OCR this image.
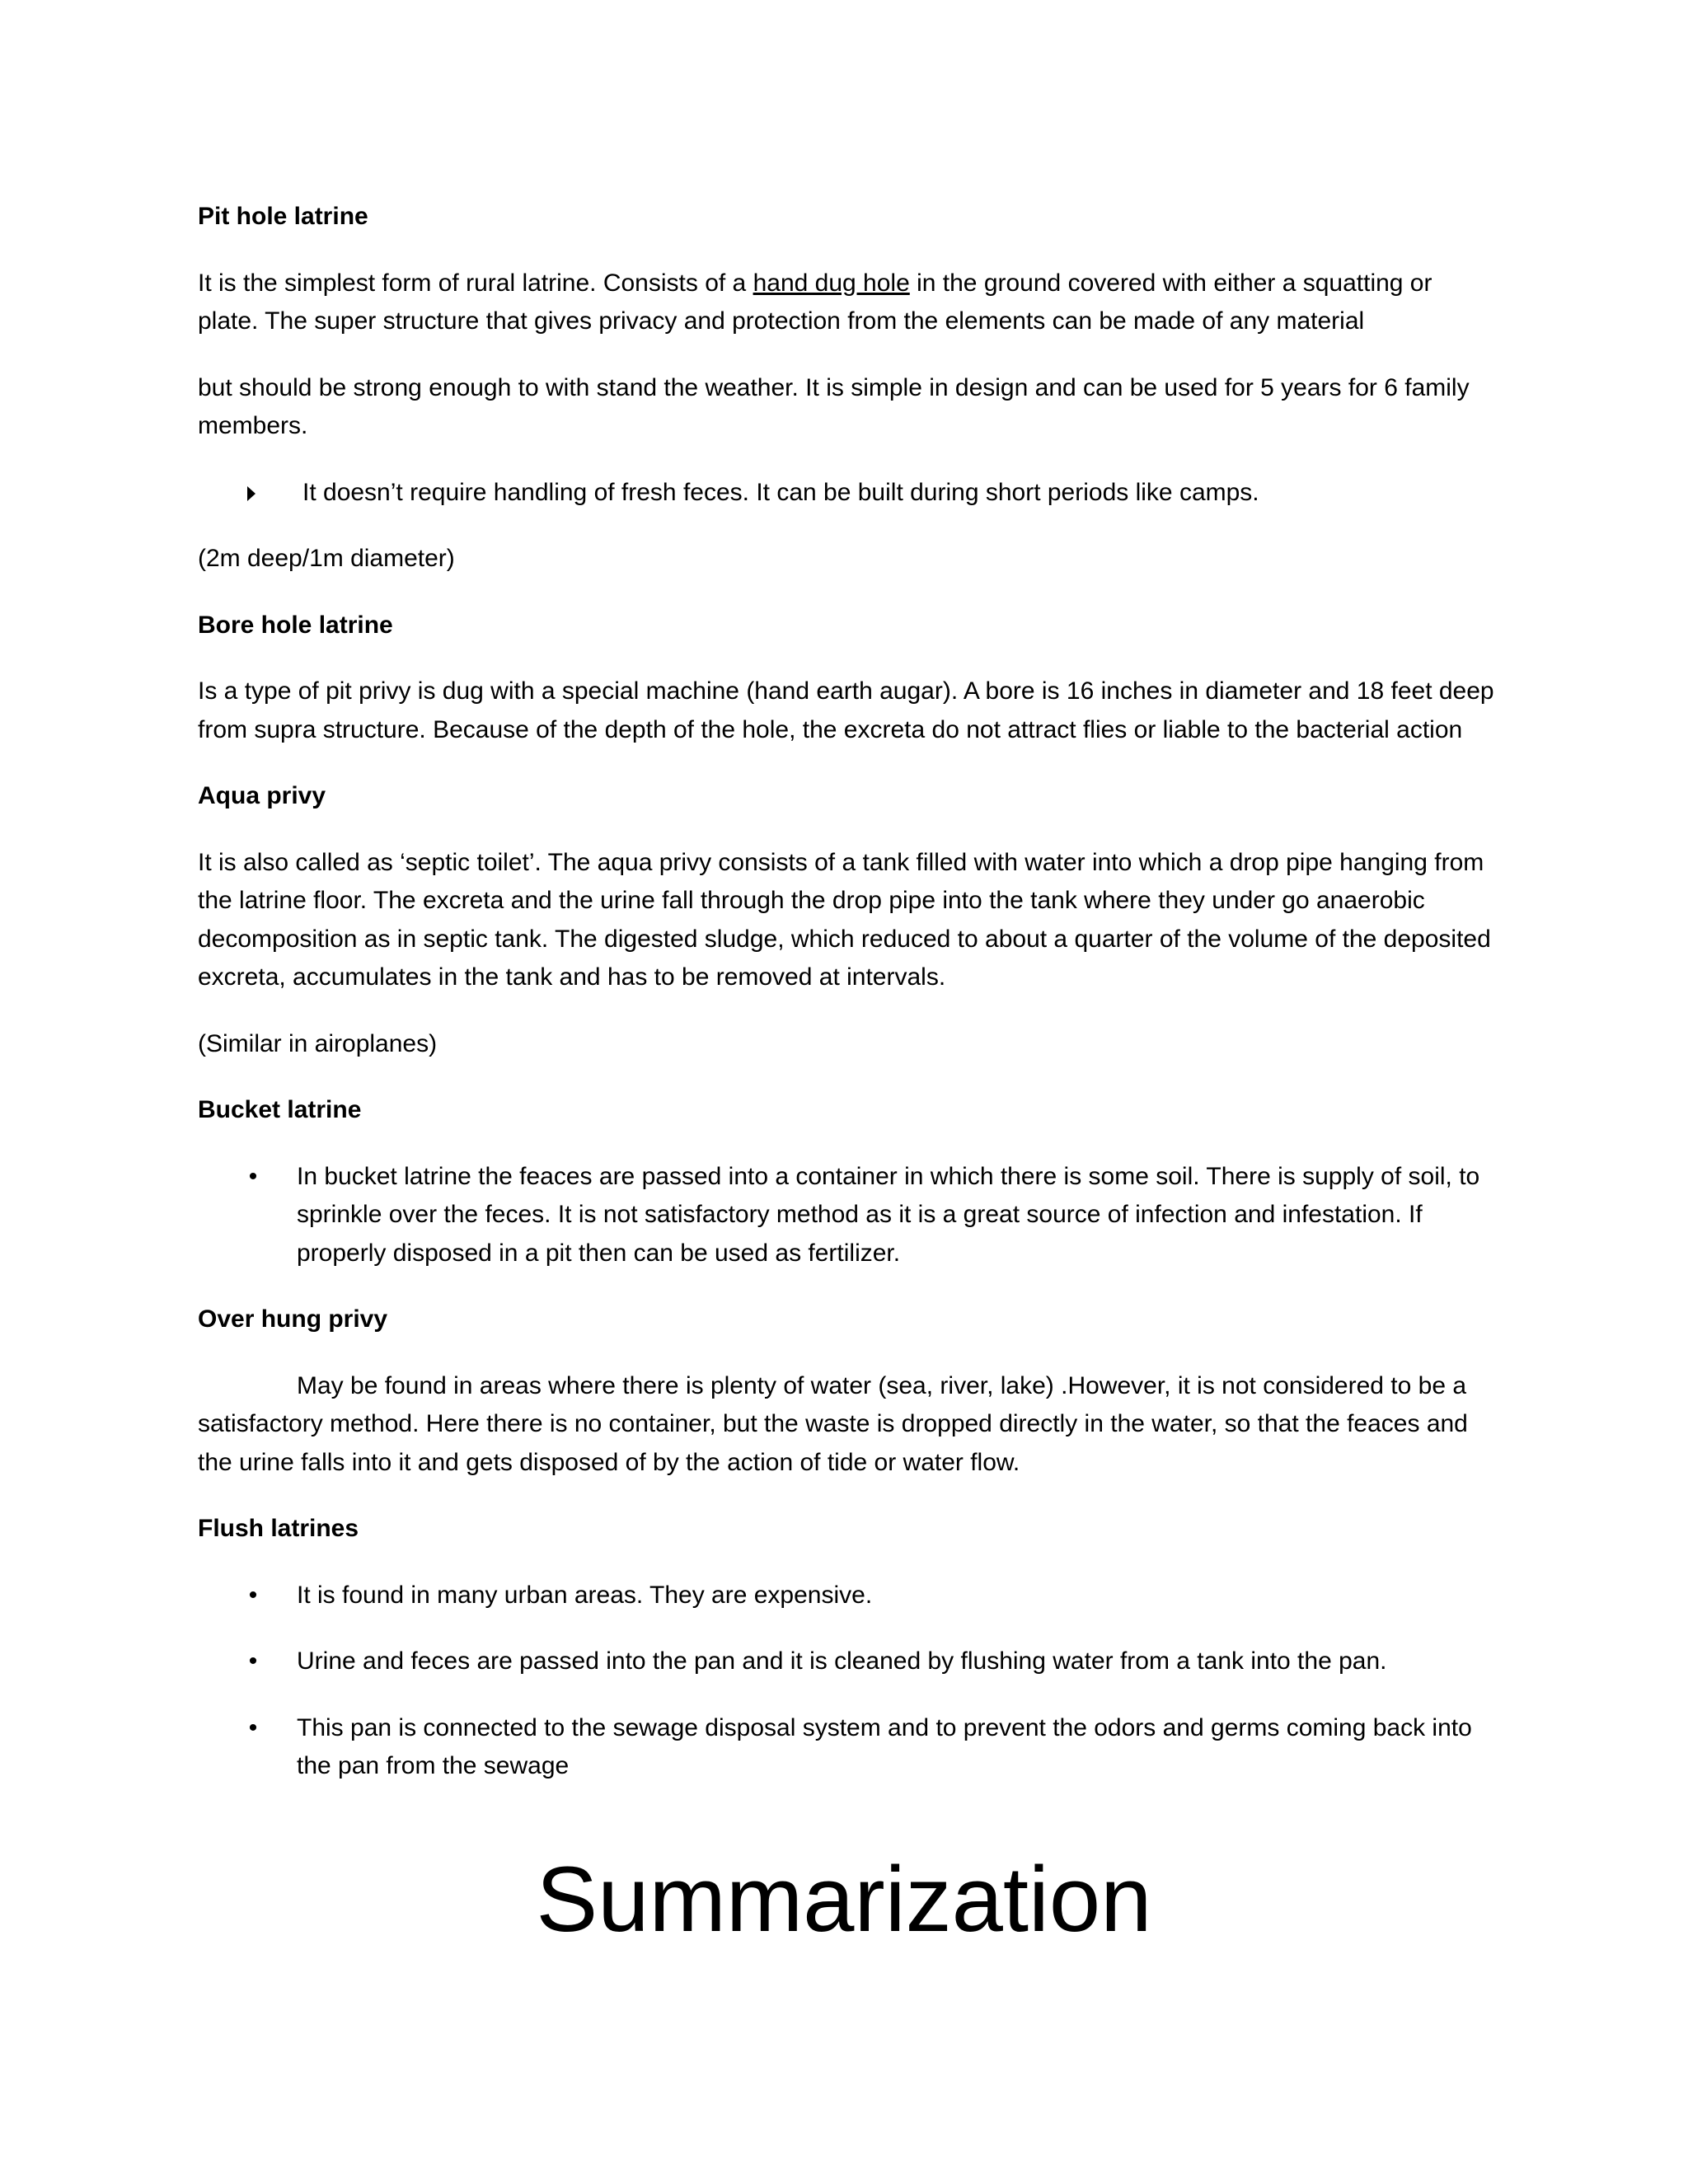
Pit hole latrine
It is the simplest form of rural latrine. Consists of a hand dug hole in the ground covered with either a squatting or plate. The super structure that gives privacy and protection from the elements can be made of any material
but should be strong enough to with stand the weather. It is simple in design and can be used for 5 years for 6 family members.
It doesn’t require handling of fresh feces. It can be built during short periods like camps.
(2m deep/1m diameter)
Bore hole latrine
Is a type of pit privy is dug with a special machine (hand earth augar). A bore is 16 inches in diameter and 18 feet deep from supra structure. Because of the depth of the hole, the excreta do not attract flies or liable to the bacterial action
Aqua privy
It is also called as ‘septic toilet’. The aqua privy consists of a tank filled with water into which a drop pipe hanging from the latrine floor. The excreta and the urine fall through the drop pipe into the tank where they under go anaerobic decomposition as in septic tank. The digested sludge, which reduced to about a quarter of the volume of the deposited excreta, accumulates in the tank and has to be removed at intervals.
(Similar in airoplanes)
Bucket latrine
• In bucket latrine the feaces are passed into a container in which there is some soil. There is supply of soil, to sprinkle over the feces. It is not satisfactory method as it is a great source of infection and infestation. If properly disposed in a pit then can be used as fertilizer.
Over hung privy
May be found in areas where there is plenty of water (sea, river, lake) .However, it is not considered to be a satisfactory method. Here there is no container, but the waste is dropped directly in the water, so that the feaces and the urine falls into it and gets disposed of by the action of tide or water flow.
Flush latrines
• It is found in many urban areas. They are expensive.
• Urine and feces are passed into the pan and it is cleaned by flushing water from a tank into the pan.
• This pan is connected to the sewage disposal system and to prevent the odors and germs coming back into the pan from the sewage
Summarization
